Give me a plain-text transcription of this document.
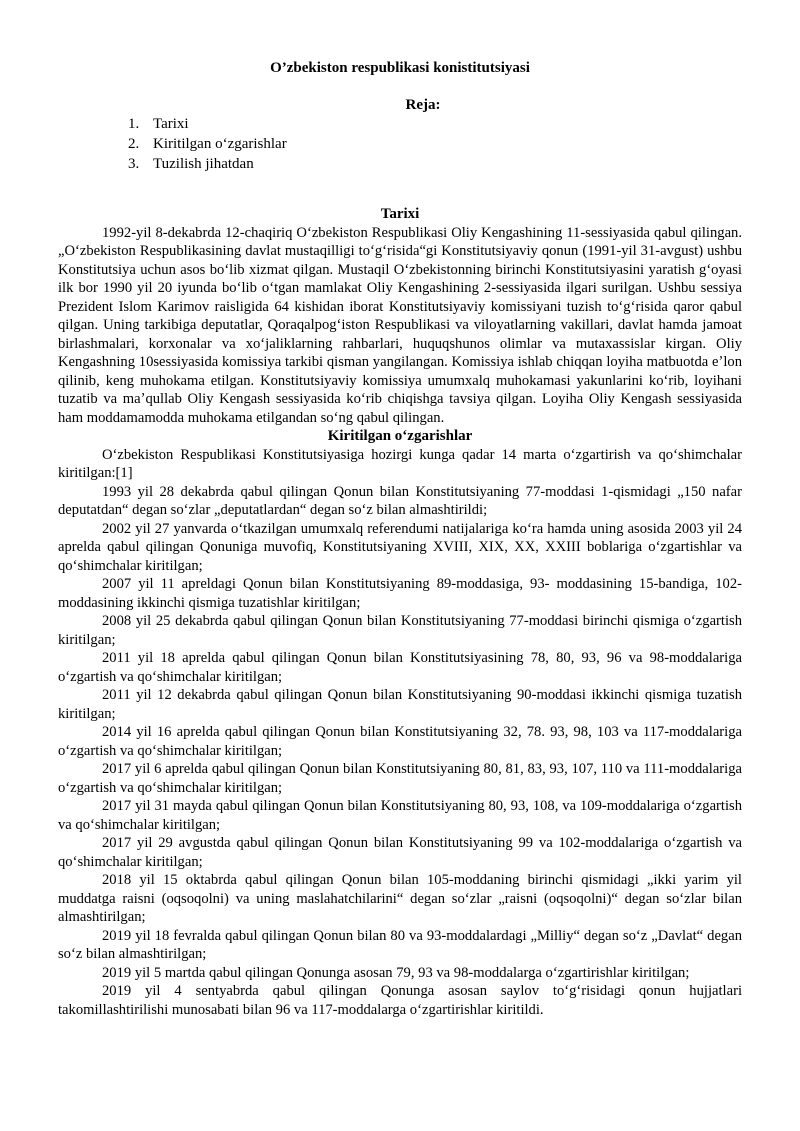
O’zbekiston respublikasi konistitutsiyasi
Reja:
1. Tarixi
2. Kiritilgan o‘zgarishlar
3. Tuzilish jihatdan

Tarixi

1992-yil 8-dekabrda 12-chaqiriq Oʻzbekiston Respublikasi Oliy Kengashining 11-sessiyasida qabul qilingan. „Oʻzbekiston Respublikasining davlat mustaqilligi toʻgʻrisida“gi Konstitutsiyaviy qonun (1991-yil 31-avgust) ushbu Konstitutsiya uchun asos boʻlib xizmat qilgan. Mustaqil Oʻzbekistonning birinchi Konstitutsiyasini yaratish gʻoyasi ilk bor 1990 yil 20 iyunda boʻlib oʻtgan mamlakat Oliy Kengashining 2-sessiyasida ilgari surilgan. Ushbu sessiya Prezident Islom Karimov raisligida 64 kishidan iborat Konstitutsiyaviy komissiyani tuzish toʻgʻrisida qaror qabul qilgan. Uning tarkibiga deputatlar, Qoraqalpogʻiston Respublikasi va viloyatlarning vakillari, davlat hamda jamoat birlashmalari, korxonalar va xoʻjaliklarning rahbarlari, huquqshunos olimlar va mutaxassislar kirgan. Oliy Kengashning 10sessiyasida komissiya tarkibi qisman yangilangan. Komissiya ishlab chiqqan loyiha matbuotda eʼlon qilinib, keng muhokama etilgan. Konstitutsiyaviy komissiya umumxalq muhokamasi yakunlarini koʻrib, loyihani tuzatib va maʼqullab Oliy Kengash sessiyasida koʻrib chiqishga tavsiya qilgan. Loyiha Oliy Kengash sessiyasida ham moddamamodda muhokama etilgandan soʻng qabul qilingan.

Kiritilgan oʻzgarishlar

Oʻzbekiston Respublikasi Konstitutsiyasiga hozirgi kunga qadar 14 marta oʻzgartirish va qoʻshimchalar kiritilgan:[1]

1993 yil 28 dekabrda qabul qilingan Qonun bilan Konstitutsiyaning 77-moddasi 1-qismidagi „150 nafar deputatdan“ degan soʻzlar „deputatlardan“ degan soʻz bilan almashtirildi;

2002 yil 27 yanvarda oʻtkazilgan umumxalq referendumi natijalariga koʻra hamda uning asosida 2003 yil 24 aprelda qabul qilingan Qonuniga muvofiq, Konstitutsiyaning XVIII, XIX, XX, XXIII boblariga oʻzgartishlar va qoʻshimchalar kiritilgan;

2007 yil 11 apreldagi Qonun bilan Konstitutsiyaning 89-moddasiga, 93- moddasining 15-bandiga, 102-moddasining ikkinchi qismiga tuzatishlar kiritilgan;

2008 yil 25 dekabrda qabul qilingan Qonun bilan Konstitutsiyaning 77-moddasi birinchi qismiga oʻzgartish kiritilgan;

2011 yil 18 aprelda qabul qilingan Qonun bilan Konstitutsiyasining 78, 80, 93, 96 va 98-moddalariga oʻzgartish va qoʻshimchalar kiritilgan;

2011 yil 12 dekabrda qabul qilingan Qonun bilan Konstitutsiyaning 90-moddasi ikkinchi qismiga tuzatish kiritilgan;

2014 yil 16 aprelda qabul qilingan Qonun bilan Konstitutsiyaning 32, 78. 93, 98, 103 va 117-moddalariga oʻzgartish va qoʻshimchalar kiritilgan;

2017 yil 6 aprelda qabul qilingan Qonun bilan Konstitutsiyaning 80, 81, 83, 93, 107, 110 va 111-moddalariga oʻzgartish va qoʻshimchalar kiritilgan;

2017 yil 31 mayda qabul qilingan Qonun bilan Konstitutsiyaning 80, 93, 108, va 109-moddalariga oʻzgartish va qoʻshimchalar kiritilgan;

2017 yil 29 avgustda qabul qilingan Qonun bilan Konstitutsiyaning 99 va 102-moddalariga oʻzgartish va qoʻshimchalar kiritilgan;

2018 yil 15 oktabrda qabul qilingan Qonun bilan 105-moddaning birinchi qismidagi „ikki yarim yil muddatga raisni (oqsoqolni) va uning maslahatchilarini“ degan soʻzlar „raisni (oqsoqolni)“ degan soʻzlar bilan almashtirilgan;

2019 yil 18 fevralda qabul qilingan Qonun bilan 80 va 93-moddalardagi „Milliy“ degan soʻz „Davlat“ degan soʻz bilan almashtirilgan;

2019 yil 5 martda qabul qilingan Qonunga asosan 79, 93 va 98-moddalarga oʻzgartirishlar kiritilgan;

2019 yil 4 sentyabrda qabul qilingan Qonunga asosan saylov toʻgʻrisidagi qonun hujjatlari takomillashtirilishi munosabati bilan 96 va 117-moddalarga oʻzgartirishlar kiritildi.
